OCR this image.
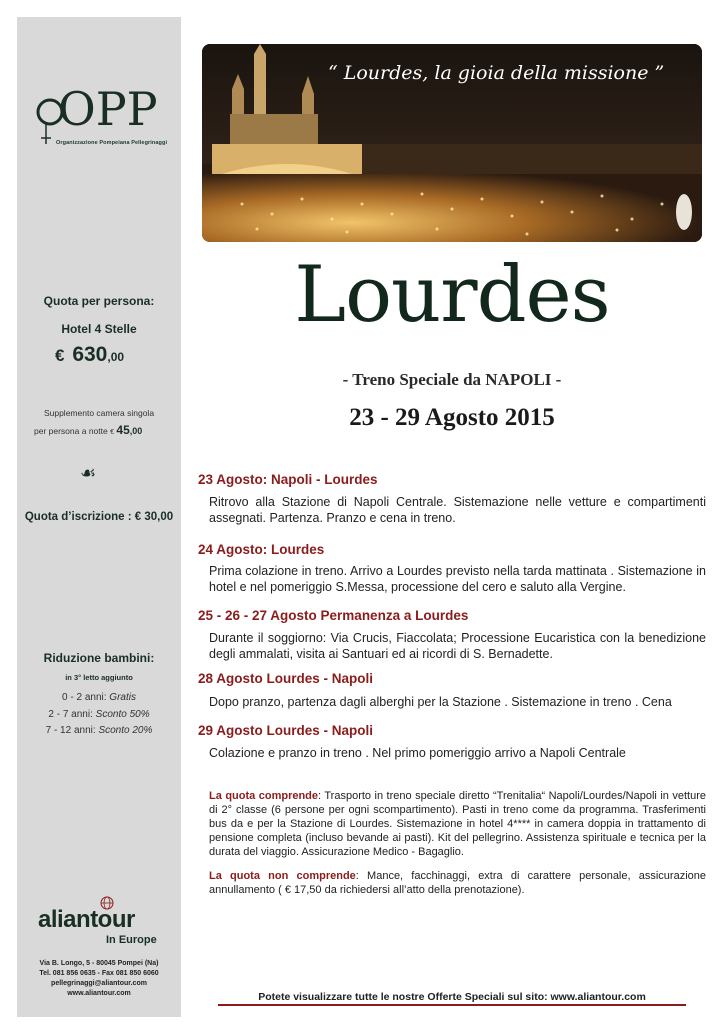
OPP
Organizzazione Pompeiana Pellegrinaggi
Quota per persona:
Hotel 4 Stelle
€ 630,00
Supplemento camera singola
per persona a notte € 45,00
☙
Quota d’iscrizione : € 30,00
Riduzione bambini:
in 3° letto aggiunto
0 - 2 anni: Gratis
2 - 7 anni: Sconto 50%
7 - 12 anni: Sconto 20%
aliantour
In Europe
Via B. Longo, 5 - 80045 Pompei (Na)
Tel. 081 856 0635 - Fax 081 850 6060
pellegrinaggi@aliantour.com
www.aliantour.com
“ Lourdes, la gioia della missione ”
Lourdes
- Treno Speciale da NAPOLI -
23 - 29 Agosto 2015
23 Agosto: Napoli - Lourdes
Ritrovo alla Stazione di Napoli Centrale. Sistemazione nelle vetture e compartimenti assegnati. Partenza. Pranzo e cena in treno.
24 Agosto: Lourdes
Prima colazione in treno. Arrivo a Lourdes previsto nella tarda mattinata . Sistemazione in hotel e nel pomeriggio S.Messa, processione del cero e saluto alla Vergine.
25 - 26 - 27 Agosto Permanenza a Lourdes
Durante il soggiorno: Via Crucis, Fiaccolata; Processione Eucaristica con la benedizione degli ammalati, visita ai Santuari ed ai ricordi di S. Bernadette.
28 Agosto Lourdes - Napoli
Dopo pranzo, partenza dagli alberghi per la Stazione . Sistemazione in treno . Cena
29 Agosto Lourdes - Napoli
Colazione e pranzo in treno . Nel primo pomeriggio arrivo a Napoli Centrale
La quota comprende: Trasporto in treno speciale diretto “Trenitalia“ Napoli/Lourdes/Napoli in vetture di 2° classe (6 persone per ogni scompartimento). Pasti in treno come da programma. Trasferimenti bus da e per la Stazione di Lourdes. Sistemazione in hotel 4**** in camera doppia in trattamento di pensione completa (incluso bevande ai pasti). Kit del pellegrino. Assistenza spirituale e tecnica per la durata del viaggio. Assicurazione Medico - Bagaglio.
La quota non comprende: Mance, facchinaggi, extra di carattere personale, assicurazione annullamento ( € 17,50 da richiedersi all’atto della prenotazione).
Potete visualizzare tutte le nostre Offerte Speciali sul sito: www.aliantour.com
